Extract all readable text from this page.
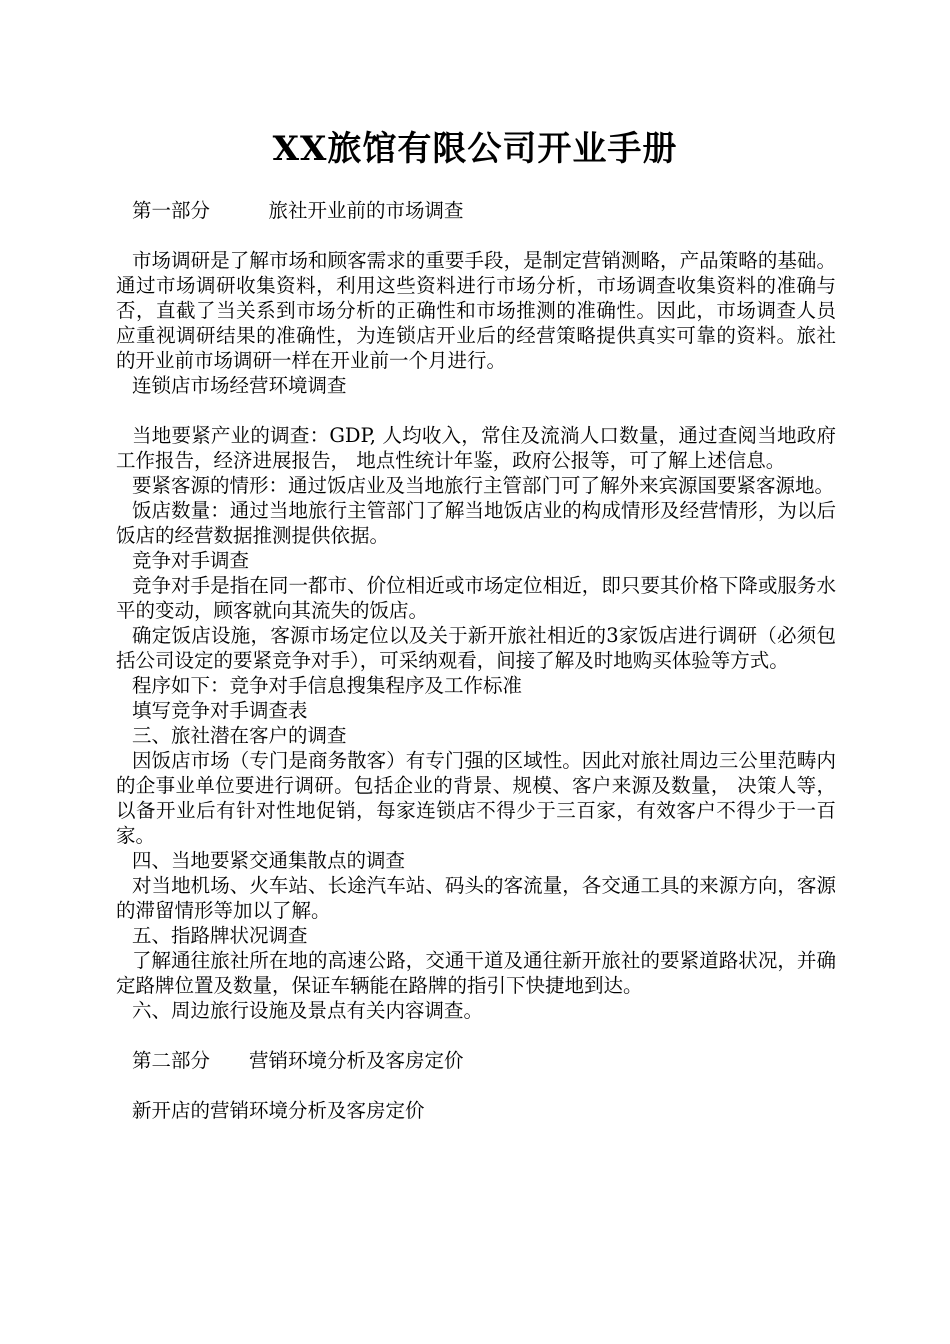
XX旅馆有限公司开业手册
第一部分　　　旅社开业前的市场调查

市场调研是了解市场和顾客需求的重要手段，是制定营销测略，产品策略的基础。通过市场调研收集资料，利用这些资料进行市场分析，市场调查收集资料的准确与否，直截了当关系到市场分析的正确性和市场推测的准确性。因此，市场调查人员应重视调研结果的准确性，为连锁店开业后的经营策略提供真实可靠的资料。旅社的开业前市场调研一样在开业前一个月进行。

连锁店市场经营环境调查

当地要紧产业的调查：GDP, 人均收入，常住及流淌人口数量，通过查阅当地政府工作报告，经济进展报告， 地点性统计年鉴，政府公报等，可了解上述信息。

要紧客源的情形：通过饭店业及当地旅行主管部门可了解外来宾源国要紧客源地。

饭店数量：通过当地旅行主管部门了解当地饭店业的构成情形及经营情形，为以后饭店的经营数据推测提供依据。

竞争对手调查

竞争对手是指在同一都市、价位相近或市场定位相近，即只要其价格下降或服务水平的变动，顾客就向其流失的饭店。

确定饭店设施，客源市场定位以及关于新开旅社相近的3家饭店进行调研（必须包括公司设定的要紧竞争对手），可采纳观看，间接了解及时地购买体验等方式。

程序如下：竞争对手信息搜集程序及工作标准
填写竞争对手调查表
三、旅社潜在客户的调查

因饭店市场（专门是商务散客）有专门强的区域性。因此对旅社周边三公里范畴内的企事业单位要进行调研。包括企业的背景、规模、客户来源及数量， 决策人等， 以备开业后有针对性地促销，每家连锁店不得少于三百家，有效客户不得少于一百家。

四、当地要紧交通集散点的调查

对当地机场、火车站、长途汽车站、码头的客流量，各交通工具的来源方向，客源的滞留情形等加以了解。

五、指路牌状况调查

了解通往旅社所在地的高速公路，交通干道及通往新开旅社的要紧道路状况，并确定路牌位置及数量，保证车辆能在路牌的指引下快捷地到达。

六、周边旅行设施及景点有关内容调查。
第二部分　　营销环境分析及客房定价
新开店的营销环境分析及客房定价
